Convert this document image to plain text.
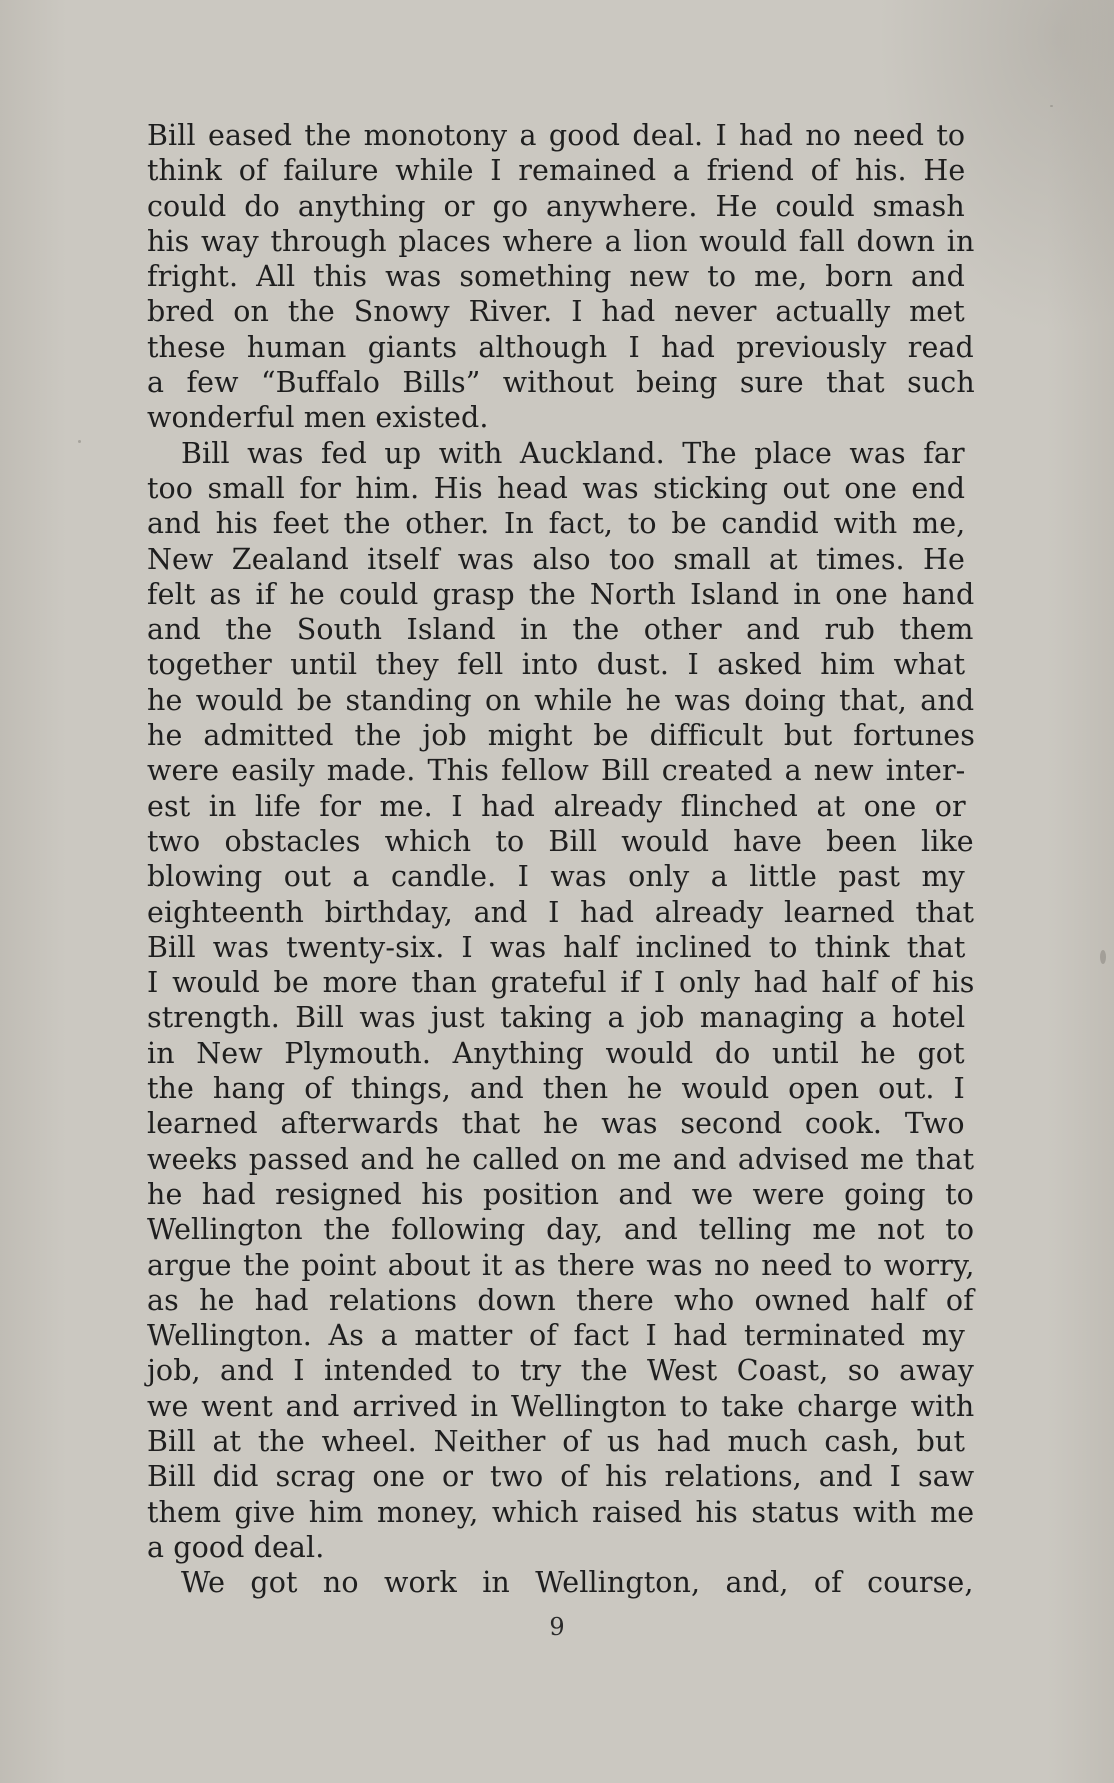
Bill eased the monotony a good deal. I had no need to
think of failure while I remained a friend of his. He
could do anything or go anywhere. He could smash
his way through places where a lion would fall down in
fright. All this was something new to me, born and
bred on the Snowy River. I had never actually met
these human giants although I had previously read
a few “Buffalo Bills” without being sure that such
wonderful men existed.
Bill was fed up with Auckland. The place was far
too small for him. His head was sticking out one end
and his feet the other. In fact, to be candid with me,
New Zealand itself was also too small at times. He
felt as if he could grasp the North Island in one hand
and the South Island in the other and rub them
together until they fell into dust. I asked him what
he would be standing on while he was doing that, and
he admitted the job might be difficult but fortunes
were easily made. This fellow Bill created a new inter-
est in life for me. I had already flinched at one or
two obstacles which to Bill would have been like
blowing out a candle. I was only a little past my
eighteenth birthday, and I had already learned that
Bill was twenty-six. I was half inclined to think that
I would be more than grateful if I only had half of his
strength. Bill was just taking a job managing a hotel
in New Plymouth. Anything would do until he got
the hang of things, and then he would open out. I
learned afterwards that he was second cook. Two
weeks passed and he called on me and advised me that
he had resigned his position and we were going to
Wellington the following day, and telling me not to
argue the point about it as there was no need to worry,
as he had relations down there who owned half of
Wellington. As a matter of fact I had terminated my
job, and I intended to try the West Coast, so away
we went and arrived in Wellington to take charge with
Bill at the wheel. Neither of us had much cash, but
Bill did scrag one or two of his relations, and I saw
them give him money, which raised his status with me
a good deal.
We got no work in Wellington, and, of course,
9
